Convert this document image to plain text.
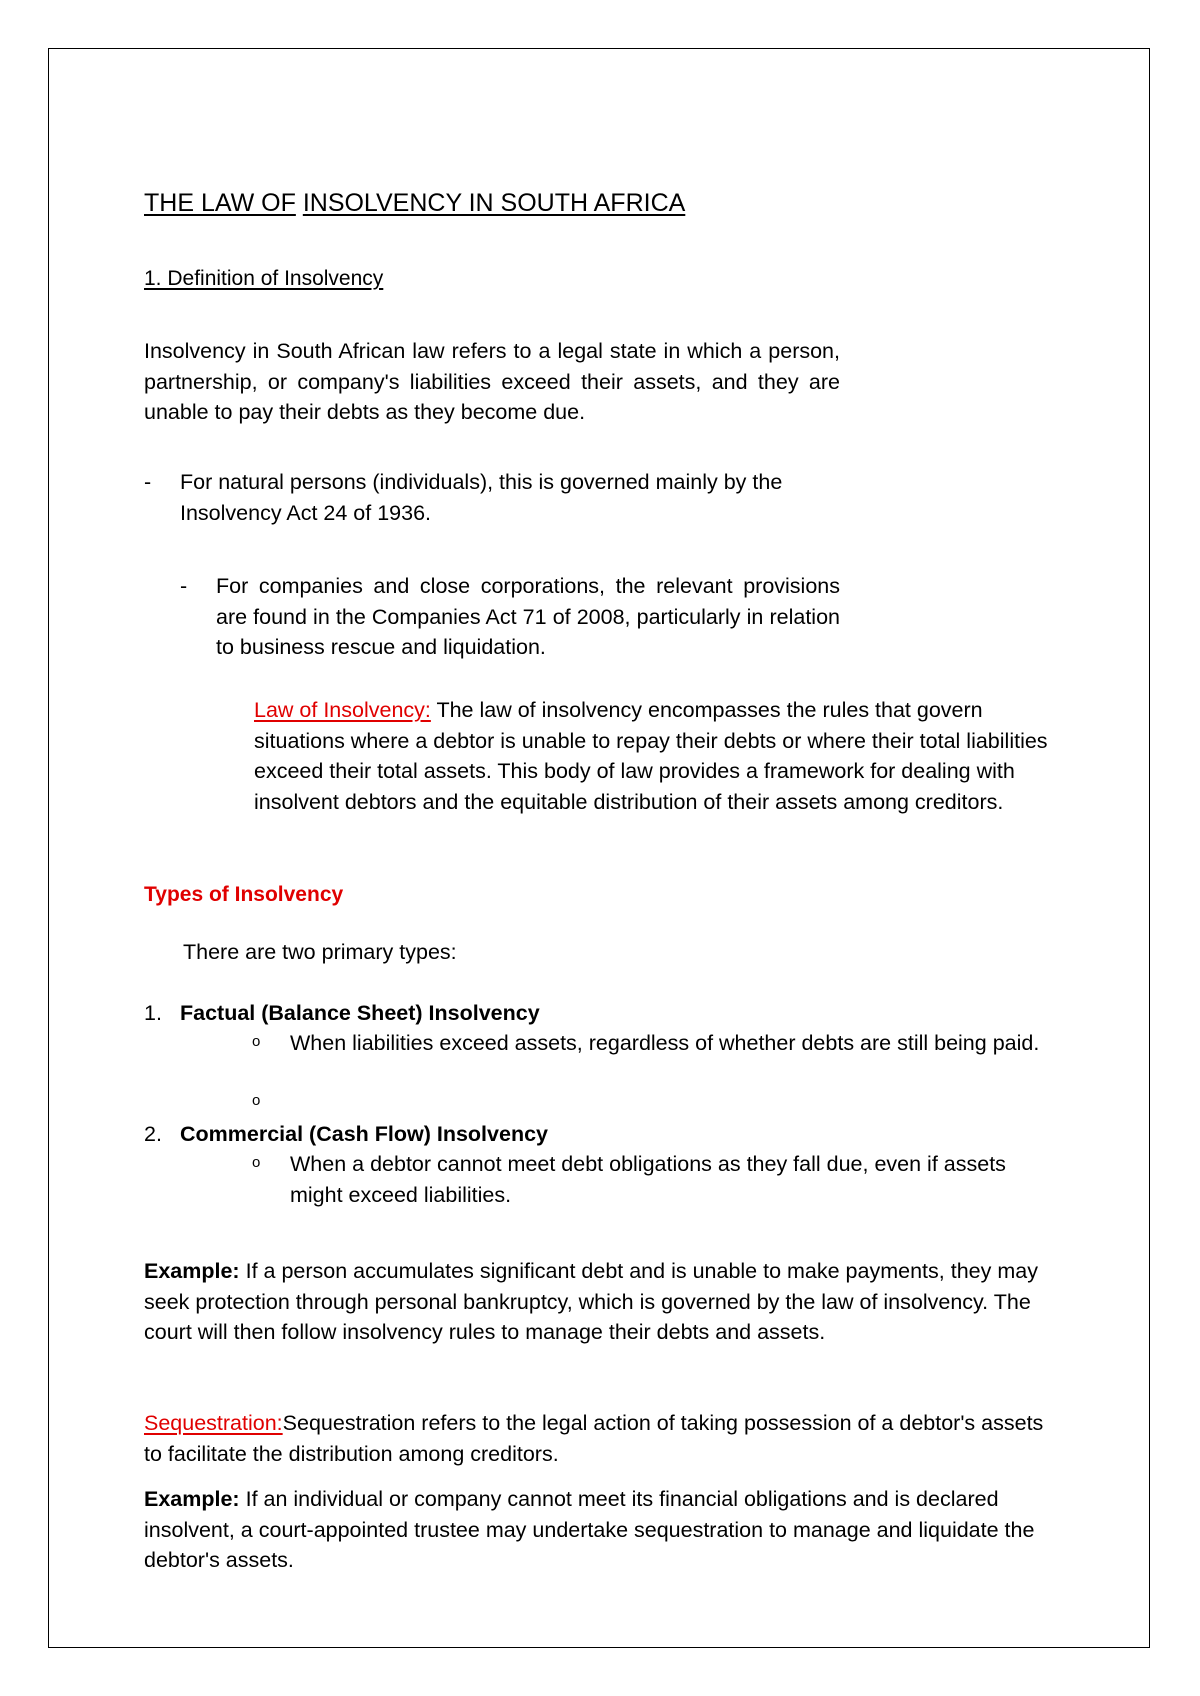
THE LAW OF INSOLVENCY IN SOUTH AFRICA
1. Definition of Insolvency

Insolvency in South African law refers to a legal state in which a person, partnership, or company's liabilities exceed their assets, and they are unable to pay their debts as they become due.

- For natural persons (individuals), this is governed mainly by the Insolvency Act 24 of 1936.

- For companies and close corporations, the relevant provisions are found in the Companies Act 71 of 2008, particularly in relation to business rescue and liquidation.

Law of Insolvency: The law of insolvency encompasses the rules that govern situations where a debtor is unable to repay their debts or where their total liabilities exceed their total assets. This body of law provides a framework for dealing with insolvent debtors and the equitable distribution of their assets among creditors.

Types of Insolvency
There are two primary types:
1. Factual (Balance Sheet) Insolvency
o When liabilities exceed assets, regardless of whether debts are still being paid.

o
2. Commercial (Cash Flow) Insolvency
o When a debtor cannot meet debt obligations as they fall due, even if assets might exceed liabilities.

Example: If a person accumulates significant debt and is unable to make payments, they may seek protection through personal bankruptcy, which is governed by the law of insolvency. The court will then follow insolvency rules to manage their debts and assets.

Sequestration:Sequestration refers to the legal action of taking possession of a debtor's assets to facilitate the distribution among creditors.

Example: If an individual or company cannot meet its financial obligations and is declared insolvent, a court-appointed trustee may undertake sequestration to manage and liquidate the debtor's assets.
